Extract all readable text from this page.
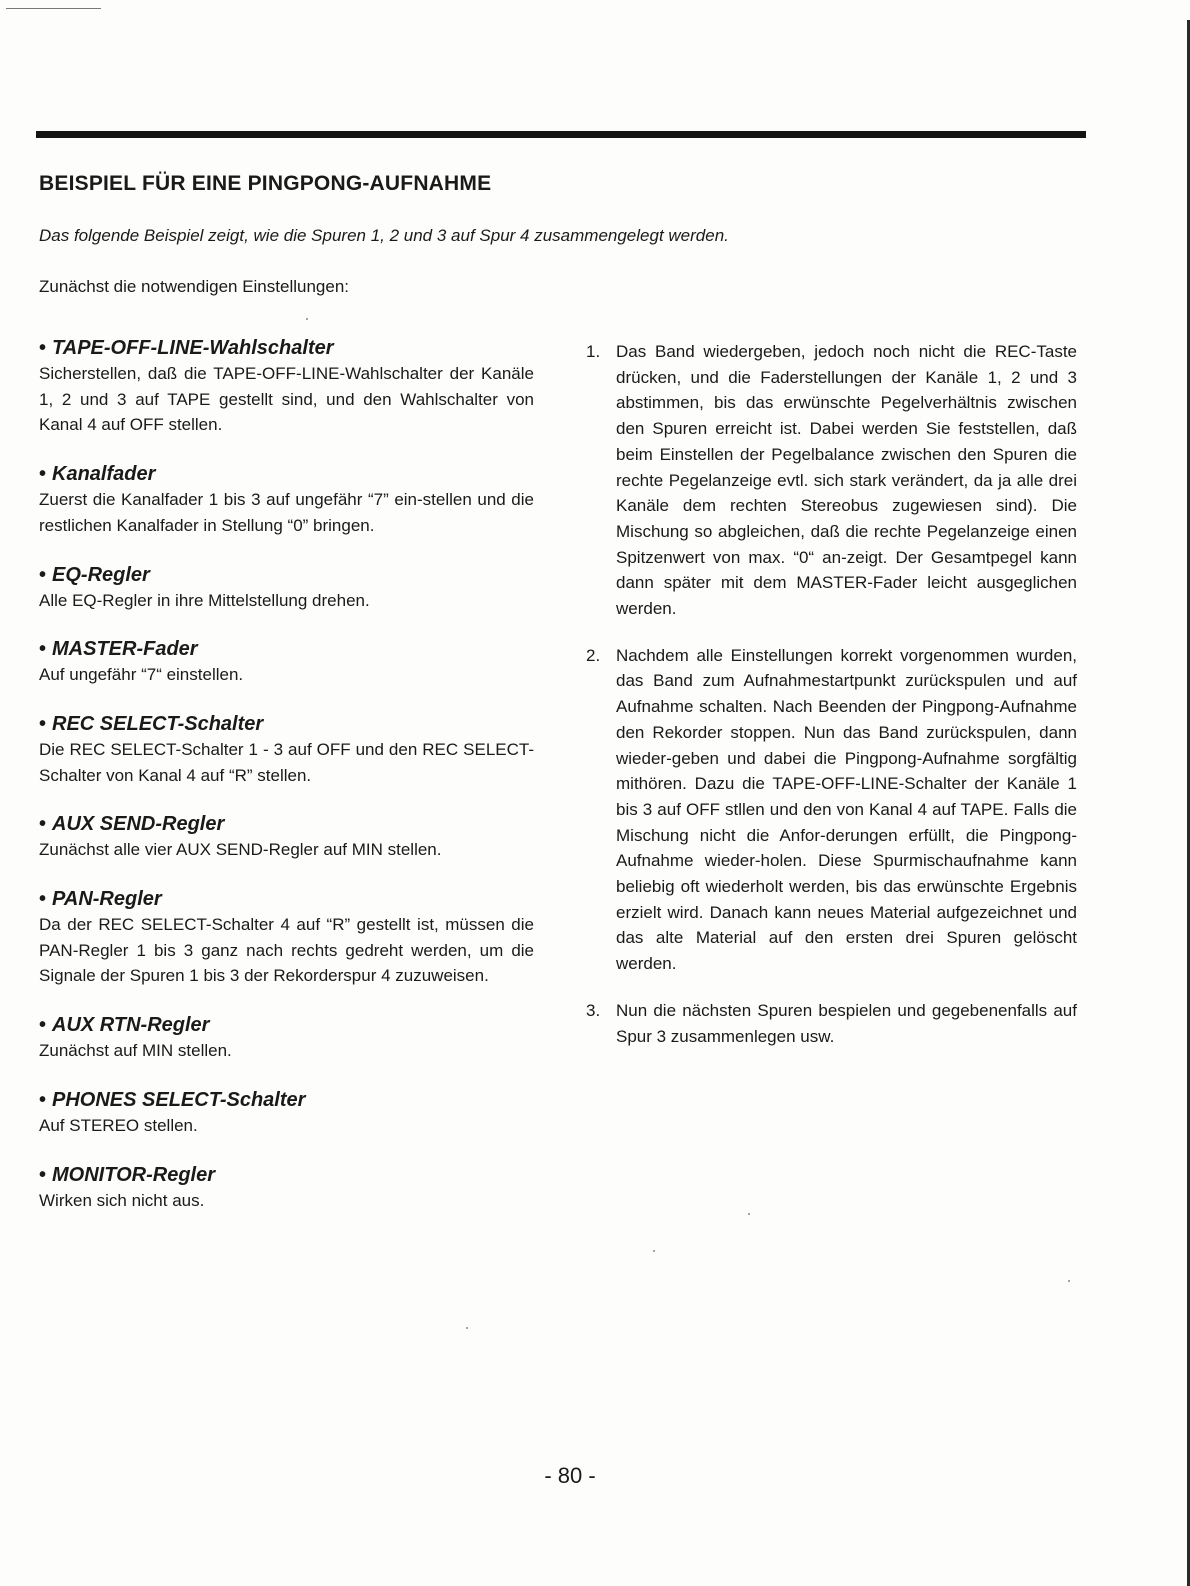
BEISPIEL FÜR EINE PINGPONG-AUFNAHME

Das folgende Beispiel zeigt, wie die Spuren 1, 2 und 3 auf Spur 4 zusammengelegt werden.

Zunächst die notwendigen Einstellungen:

• TAPE-OFF-LINE-Wahlschalter

Sicherstellen, daß die TAPE-OFF-LINE-Wahlschalter der Kanäle 1, 2 und 3 auf TAPE gestellt sind, und den Wahlschalter von Kanal 4 auf OFF stellen.

• Kanalfader

Zuerst die Kanalfader 1 bis 3 auf ungefähr “7” ein-stellen und die restlichen Kanalfader in Stellung “0” bringen.

• EQ-Regler

Alle EQ-Regler in ihre Mittelstellung drehen.

• MASTER-Fader

Auf ungefähr “7“ einstellen.

• REC SELECT-Schalter

Die REC SELECT-Schalter 1 - 3 auf OFF und den REC SELECT-Schalter von Kanal 4 auf “R” stellen.

• AUX SEND-Regler

Zunächst alle vier AUX SEND-Regler auf MIN stellen.

• PAN-Regler

Da der REC SELECT-Schalter 4 auf “R” gestellt ist, müssen die PAN-Regler 1 bis 3 ganz nach rechts gedreht werden, um die Signale der Spuren 1 bis 3 der Rekorderspur 4 zuzuweisen.

• AUX RTN-Regler

Zunächst auf MIN stellen.

• PHONES SELECT-Schalter

Auf STEREO stellen.

• MONITOR-Regler

Wirken sich nicht aus.

1. Das Band wiedergeben, jedoch noch nicht die REC-Taste drücken, und die Faderstellungen der Kanäle 1, 2 und 3 abstimmen, bis das erwünschte Pegelverhältnis zwischen den Spuren erreicht ist. Dabei werden Sie feststellen, daß beim Einstellen der Pegelbalance zwischen den Spuren die rechte Pegelanzeige evtl. sich stark verändert, da ja alle drei Kanäle dem rechten Stereobus zugewiesen sind). Die Mischung so abgleichen, daß die rechte Pegelanzeige einen Spitzenwert von max. “0“ an-zeigt. Der Gesamtpegel kann dann später mit dem MASTER-Fader leicht ausgeglichen werden.

2. Nachdem alle Einstellungen korrekt vorgenommen wurden, das Band zum Aufnahmestartpunkt zurückspulen und auf Aufnahme schalten. Nach Beenden der Pingpong-Aufnahme den Rekorder stoppen. Nun das Band zurückspulen, dann wieder-geben und dabei die Pingpong-Aufnahme sorgfältig mithören. Dazu die TAPE-OFF-LINE-Schalter der Kanäle 1 bis 3 auf OFF stllen und den von Kanal 4 auf TAPE. Falls die Mischung nicht die Anfor-derungen erfüllt, die Pingpong-Aufnahme wieder-holen. Diese Spurmischaufnahme kann beliebig oft wiederholt werden, bis das erwünschte Ergebnis erzielt wird. Danach kann neues Material aufgezeichnet und das alte Material auf den ersten drei Spuren gelöscht werden.

3. Nun die nächsten Spuren bespielen und gegebenenfalls auf Spur 3 zusammenlegen usw.

- 80 -
